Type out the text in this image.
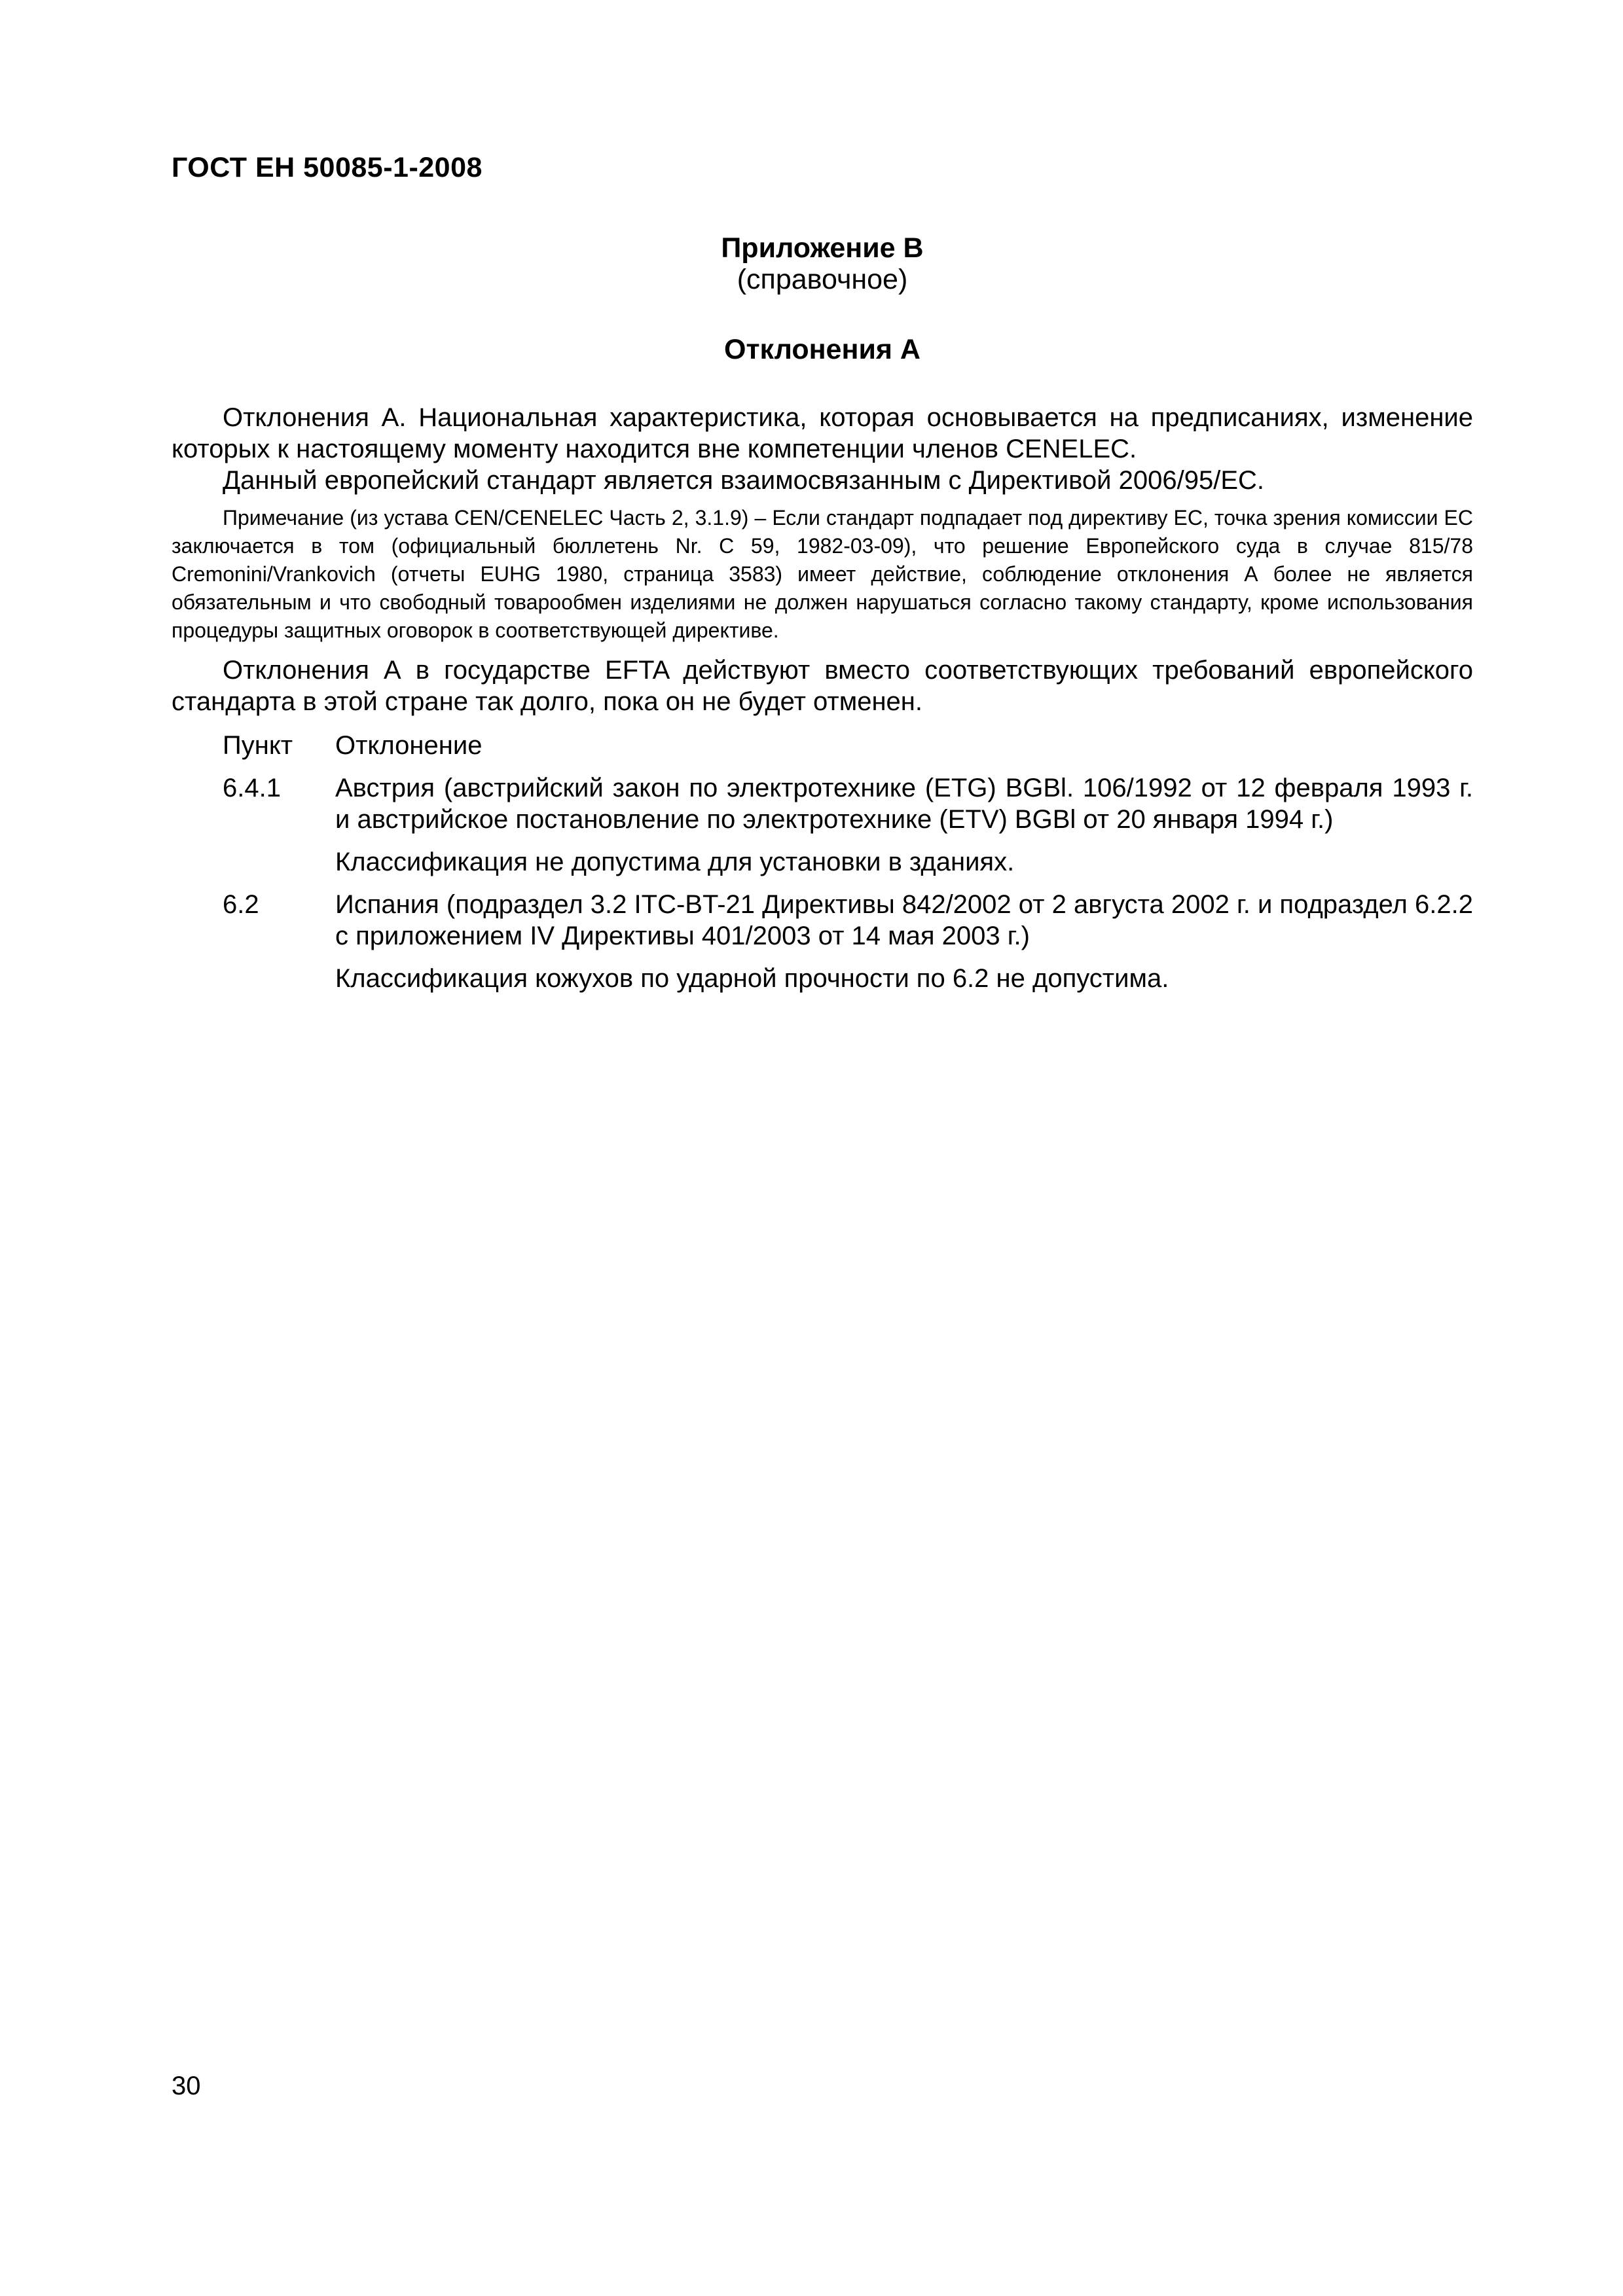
ГОСТ ЕН 50085-1-2008
Приложение В
(справочное)
Отклонения А
Отклонения А. Национальная характеристика, которая основывается на предписаниях, изменение которых к настоящему моменту находится вне компетенции членов CENELEC.
Данный европейский стандарт является взаимосвязанным с Директивой 2006/95/ЕС.
Примечание (из устава CEN/CENELEC Часть 2, 3.1.9) – Если стандарт подпадает под директиву ЕС, точка зрения комиссии ЕС заключается в том (официальный бюллетень Nr. C 59, 1982-03-09), что решение Европейского суда в случае 815/78 Cremonini/Vrankovich (отчеты EUHG 1980, страница 3583) имеет действие, соблюдение отклонения А более не является обязательным и что свободный товарообмен изделиями не должен нарушаться согласно такому стандарту, кроме использования процедуры защитных оговорок в соответствующей директиве.
Отклонения А в государстве EFTA действуют вместо соответствующих требований европейского стандарта в этой стране так долго, пока он не будет отменен.
Пункт	Отклонение
6.4.1	Австрия (австрийский закон по электротехнике (ETG) BGBl. 106/1992 от 12 февраля 1993 г. и австрийское постановление по электротехнике (ETV) BGBl от 20 января 1994 г.)
Классификация не допустима для установки в зданиях.
6.2	Испания (подраздел 3.2 ITC-BT-21 Директивы 842/2002 от 2 августа 2002 г. и подраздел 6.2.2 с приложением IV Директивы 401/2003 от 14 мая 2003 г.)
Классификация кожухов по ударной прочности по 6.2 не допустима.
30
